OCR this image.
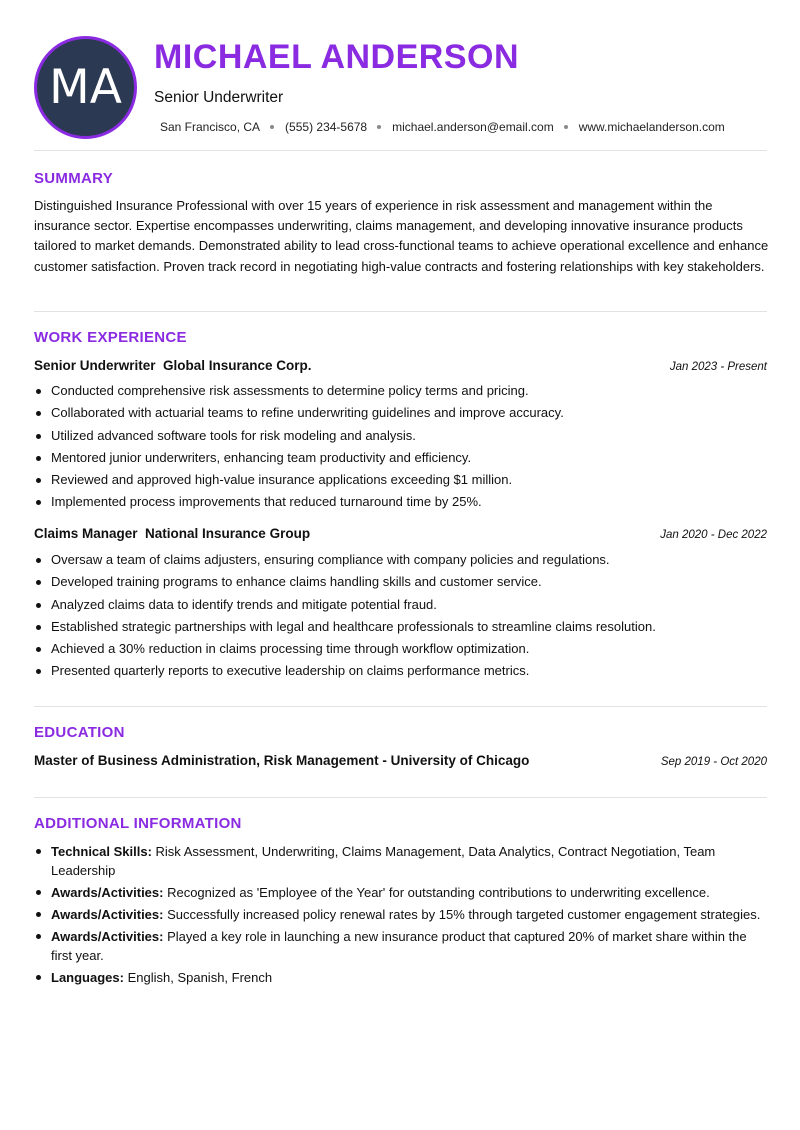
MA
MICHAEL ANDERSON
Senior Underwriter
San Francisco, CA (555) 234-5678 michael.anderson@email.com www.michaelanderson.com
SUMMARY
Distinguished Insurance Professional with over 15 years of experience in risk assessment and management within the insurance sector. Expertise encompasses underwriting, claims management, and developing innovative insurance products tailored to market demands. Demonstrated ability to lead cross-functional teams to achieve operational excellence and enhance customer satisfaction. Proven track record in negotiating high-value contracts and fostering relationships with key stakeholders.
WORK EXPERIENCE
Senior Underwriter  Global Insurance Corp.	Jan 2023 - Present
Conducted comprehensive risk assessments to determine policy terms and pricing.
Collaborated with actuarial teams to refine underwriting guidelines and improve accuracy.
Utilized advanced software tools for risk modeling and analysis.
Mentored junior underwriters, enhancing team productivity and efficiency.
Reviewed and approved high-value insurance applications exceeding $1 million.
Implemented process improvements that reduced turnaround time by 25%.
Claims Manager  National Insurance Group	Jan 2020 - Dec 2022
Oversaw a team of claims adjusters, ensuring compliance with company policies and regulations.
Developed training programs to enhance claims handling skills and customer service.
Analyzed claims data to identify trends and mitigate potential fraud.
Established strategic partnerships with legal and healthcare professionals to streamline claims resolution.
Achieved a 30% reduction in claims processing time through workflow optimization.
Presented quarterly reports to executive leadership on claims performance metrics.
EDUCATION
Master of Business Administration, Risk Management - University of Chicago	Sep 2019 - Oct 2020
ADDITIONAL INFORMATION
Technical Skills: Risk Assessment, Underwriting, Claims Management, Data Analytics, Contract Negotiation, Team Leadership
Awards/Activities: Recognized as 'Employee of the Year' for outstanding contributions to underwriting excellence.
Awards/Activities: Successfully increased policy renewal rates by 15% through targeted customer engagement strategies.
Awards/Activities: Played a key role in launching a new insurance product that captured 20% of market share within the first year.
Languages: English, Spanish, French
